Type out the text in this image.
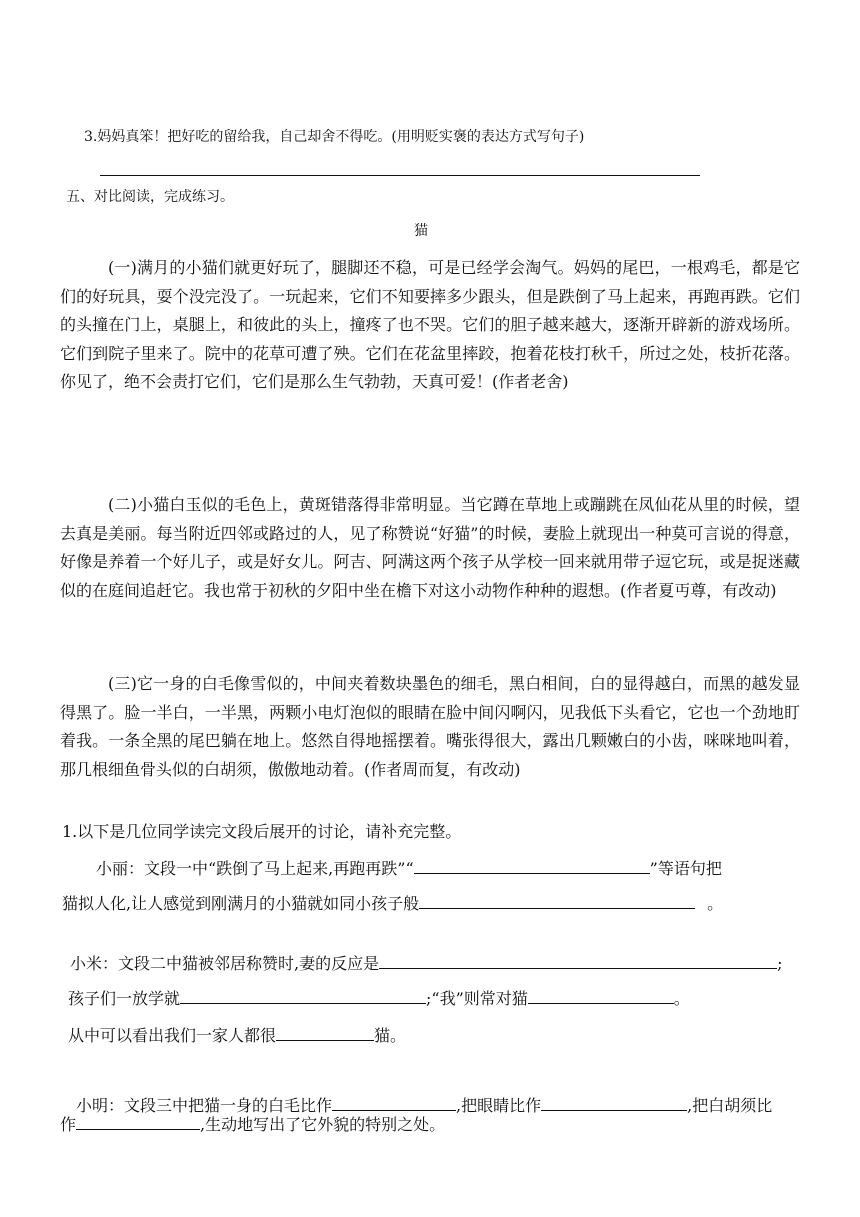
3.妈妈真笨！把好吃的留给我，自己却舍不得吃。(用明贬实褒的表达方式写句子)
五、对比阅读，完成练习。
猫
(一)满月的小猫们就更好玩了，腿脚还不稳，可是已经学会淘气。妈妈的尾巴，一根鸡毛，都是它们的好玩具，耍个没完没了。一玩起来，它们不知要摔多少跟头，但是跌倒了马上起来，再跑再跌。它们的头撞在门上，桌腿上，和彼此的头上，撞疼了也不哭。它们的胆子越来越大，逐渐开辟新的游戏场所。它们到院子里来了。院中的花草可遭了殃。它们在花盆里摔跤，抱着花枝打秋千，所过之处，枝折花落。你见了，绝不会责打它们，它们是那么生气勃勃，天真可爱！(作者老舍)
(二)小猫白玉似的毛色上，黄斑错落得非常明显。当它蹲在草地上或蹦跳在凤仙花从里的时候，望去真是美丽。每当附近四邻或路过的人，见了称赞说“好猫”的时候，妻脸上就现出一种莫可言说的得意，好像是养着一个好儿子，或是好女儿。阿吉、阿满这两个孩子从学校一回来就用带子逗它玩，或是捉迷藏似的在庭间追赶它。我也常于初秋的夕阳中坐在檐下对这小动物作种种的遐想。(作者夏丏尊，有改动)
(三)它一身的白毛像雪似的，中间夹着数块墨色的细毛，黑白相间，白的显得越白，而黑的越发显得黑了。脸一半白，一半黑，两颗小电灯泡似的眼睛在脸中间闪啊闪，见我低下头看它，它也一个劲地盯着我。一条全黑的尾巴躺在地上。悠然自得地摇摆着。嘴张得很大，露出几颗嫩白的小齿，咪咪地叫着，那几根细鱼骨头似的白胡须，傲傲地动着。(作者周而复，有改动)
1.以下是几位同学读完文段后展开的讨论，请补充完整。
小丽：文段一中“跌倒了马上起来,再跑再跌”“	”等语句把
猫拟人化,让人感觉到刚满月的小猫就如同小孩子般	。
小米：文段二中猫被邻居称赞时,妻的反应是	;
孩子们一放学就	;“我”则常对猫	。
从中可以看出我们一家人都很	猫。
小明：文段三中把猫一身的白毛比作	,把眼睛比作	,把白胡须比
作	,生动地写出了它外貌的特别之处。
